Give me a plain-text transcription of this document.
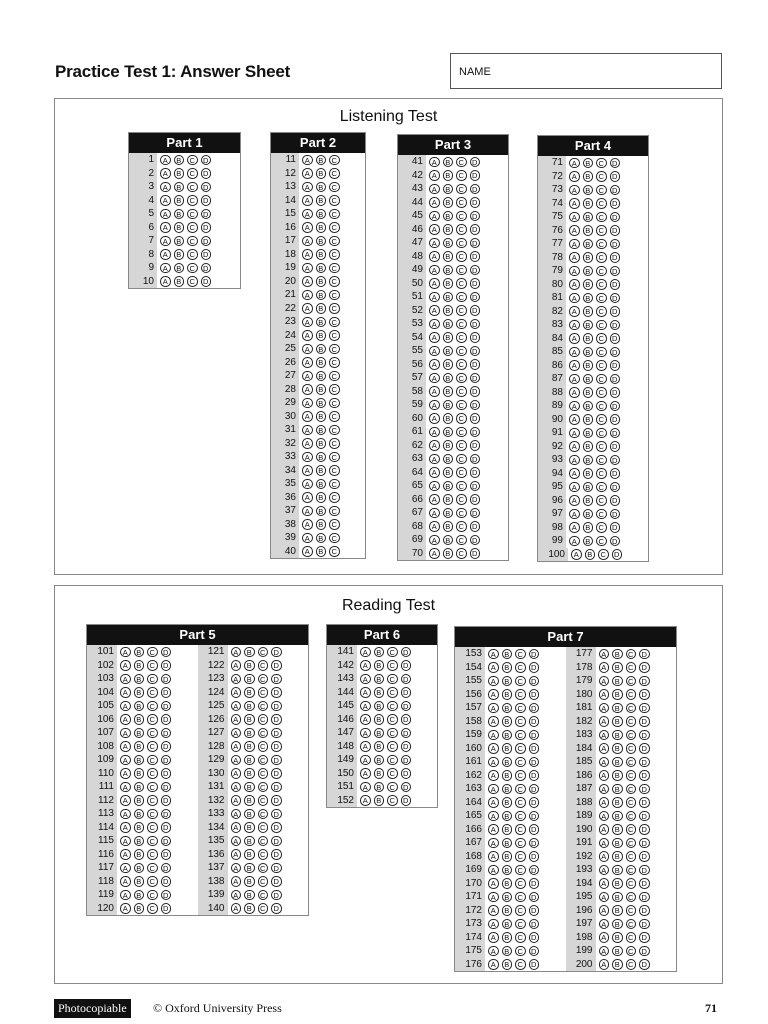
Practice Test 1: Answer Sheet	NAME
Listening Test
Part 1
1	A	B	C	D
2	A	B	C	D
3	A	B	C	D
4	A	B	C	D
5	A	B	C	D
6	A	B	C	D
7	A	B	C	D
8	A	B	C	D
9	A	B	C	D
10	A	B	C	D
Part 2
11	A	B	C
12	A	B	C
13	A	B	C
14	A	B	C
15	A	B	C
16	A	B	C
17	A	B	C
18	A	B	C
19	A	B	C
20	A	B	C
21	A	B	C
22	A	B	C
23	A	B	C
24	A	B	C
25	A	B	C
26	A	B	C
27	A	B	C
28	A	B	C
29	A	B	C
30	A	B	C
31	A	B	C
32	A	B	C
33	A	B	C
34	A	B	C
35	A	B	C
36	A	B	C
37	A	B	C
38	A	B	C
39	A	B	C
40	A	B	C
Part 3
41	A	B	C	D
42	A	B	C	D
43	A	B	C	D
44	A	B	C	D
45	A	B	C	D
46	A	B	C	D
47	A	B	C	D
48	A	B	C	D
49	A	B	C	D
50	A	B	C	D
51	A	B	C	D
52	A	B	C	D
53	A	B	C	D
54	A	B	C	D
55	A	B	C	D
56	A	B	C	D
57	A	B	C	D
58	A	B	C	D
59	A	B	C	D
60	A	B	C	D
61	A	B	C	D
62	A	B	C	D
63	A	B	C	D
64	A	B	C	D
65	A	B	C	D
66	A	B	C	D
67	A	B	C	D
68	A	B	C	D
69	A	B	C	D
70	A	B	C	D
Part 4
71	A	B	C	D
72	A	B	C	D
73	A	B	C	D
74	A	B	C	D
75	A	B	C	D
76	A	B	C	D
77	A	B	C	D
78	A	B	C	D
79	A	B	C	D
80	A	B	C	D
81	A	B	C	D
82	A	B	C	D
83	A	B	C	D
84	A	B	C	D
85	A	B	C	D
86	A	B	C	D
87	A	B	C	D
88	A	B	C	D
89	A	B	C	D
90	A	B	C	D
91	A	B	C	D
92	A	B	C	D
93	A	B	C	D
94	A	B	C	D
95	A	B	C	D
96	A	B	C	D
97	A	B	C	D
98	A	B	C	D
99	A	B	C	D
100	A	B	C	D
Reading Test
Part 5
101	A	B	C	D
102	A	B	C	D
103	A	B	C	D
104	A	B	C	D
105	A	B	C	D
106	A	B	C	D
107	A	B	C	D
108	A	B	C	D
109	A	B	C	D
110	A	B	C	D
111	A	B	C	D
112	A	B	C	D
113	A	B	C	D
114	A	B	C	D
115	A	B	C	D
116	A	B	C	D
117	A	B	C	D
118	A	B	C	D
119	A	B	C	D
120	A	B	C	D
121	A	B	C	D
122	A	B	C	D
123	A	B	C	D
124	A	B	C	D
125	A	B	C	D
126	A	B	C	D
127	A	B	C	D
128	A	B	C	D
129	A	B	C	D
130	A	B	C	D
131	A	B	C	D
132	A	B	C	D
133	A	B	C	D
134	A	B	C	D
135	A	B	C	D
136	A	B	C	D
137	A	B	C	D
138	A	B	C	D
139	A	B	C	D
140	A	B	C	D
Part 6
141	A	B	C	D
142	A	B	C	D
143	A	B	C	D
144	A	B	C	D
145	A	B	C	D
146	A	B	C	D
147	A	B	C	D
148	A	B	C	D
149	A	B	C	D
150	A	B	C	D
151	A	B	C	D
152	A	B	C	D
Part 7
153	A	B	C	D
154	A	B	C	D
155	A	B	C	D
156	A	B	C	D
157	A	B	C	D
158	A	B	C	D
159	A	B	C	D
160	A	B	C	D
161	A	B	C	D
162	A	B	C	D
163	A	B	C	D
164	A	B	C	D
165	A	B	C	D
166	A	B	C	D
167	A	B	C	D
168	A	B	C	D
169	A	B	C	D
170	A	B	C	D
171	A	B	C	D
172	A	B	C	D
173	A	B	C	D
174	A	B	C	D
175	A	B	C	D
176	A	B	C	D
177	A	B	C	D
178	A	B	C	D
179	A	B	C	D
180	A	B	C	D
181	A	B	C	D
182	A	B	C	D
183	A	B	C	D
184	A	B	C	D
185	A	B	C	D
186	A	B	C	D
187	A	B	C	D
188	A	B	C	D
189	A	B	C	D
190	A	B	C	D
191	A	B	C	D
192	A	B	C	D
193	A	B	C	D
194	A	B	C	D
195	A	B	C	D
196	A	B	C	D
197	A	B	C	D
198	A	B	C	D
199	A	B	C	D
200	A	B	C	D
Photocopiable	© Oxford University Press	71
